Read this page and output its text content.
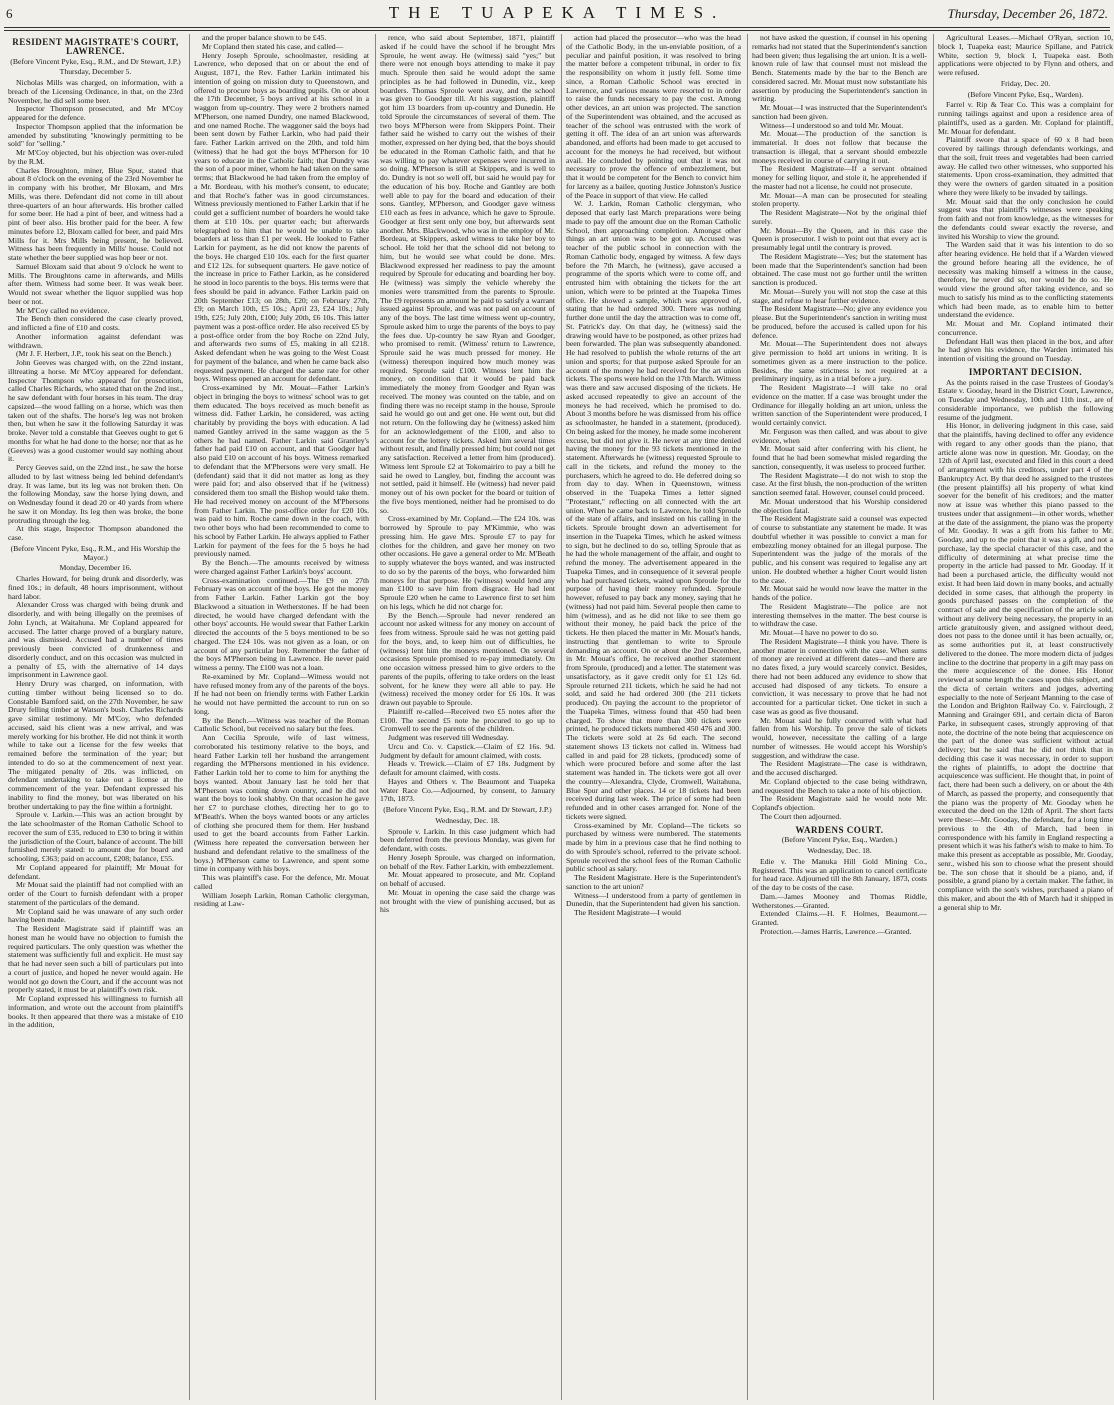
6	THE TUAPEKA TIMES.	Thursday, December 26, 1872.
RESIDENT MAGISTRATE'S COURT, LAWRENCE.

(Before Vincent Pyke, Esq., R.M., and Dr Stewart, J.P.)

Thursday, December 5.

Nicholas Mills was charged, on information, with a breach of the Licensing Ordinance, in that, on the 23rd November, he did sell some beer.

Inspector Thompson prosecuted, and Mr M'Coy appeared for the defence.

Inspector Thompson applied that the information be amended by substituting "knowingly permitting to be sold" for "selling."

Mr M'Coy objected, but his objection was over-ruled by the R.M.

Charles Broughton, miner, Blue Spur, stated that about 8 o'clock on the evening of the 23rd November he in company with his brother, Mr Bloxam, and Mrs Mills, was there. Defendant did not come in till about three-quarters of an hour afterwards. His brother called for some beer. He had a pint of beer, and witness had a pint of beer also. His brother paid for the beer. A few minutes before 12, Bloxam called for beer, and paid Mrs Mills for it. Mrs Mills being present, he believed. Witness has been frequently in Mills' house. Could not state whether the beer supplied was hop beer or not.

Samuel Bloxam said that about 9 o'clock he went to Mills. The Broughtons came in afterwards, and Mills after them. Witness had some beer. It was weak beer. Would not swear whether the liquor supplied was hop beer or not.

Mr M'Coy called no evidence.

The Bench then considered the case clearly proved, and inflicted a fine of £10 and costs.

Another information against defendant was withdrawn.

(Mr J. F. Herbert, J.P., took his seat on the Bench.)

John Geeves was charged with, on the 22nd instant, illtreating a horse. Mr M'Coy appeared for defendant. Inspector Thompson who appeared for prosecution, called Charles Richards, who stated that on the 2nd inst., he saw defendant with four horses in his team. The dray capsized—the wood falling on a horse, which was then taken out of the shafts. The horse's leg was not broken then, but when he saw it the following Saturday it was broke. Never told a constable that Geeves ought to get 6 months for what he had done to the horse; nor that as he (Geeves) was a good customer would say nothing about it.

Percy Geeves said, on the 22nd inst., he saw the horse alluded to by last witness being led behind defendant's dray. It was lame, but its leg was not broken then. On the following Monday, saw the horse lying down, and on Wednesday found it dead 20 or 40 yards from where he saw it on Monday. Its leg then was broke, the bone protruding through the leg.

At this stage, Inspector Thompson abandoned the case.

(Before Vincent Pyke, Esq., R.M., and His Worship the Mayor.)

Monday, December 16.

Charles Howard, for being drunk and disorderly, was fined 10s.; in default, 48 hours imprisonment, without hard labor.

Alexander Cross was charged with being drunk and disorderly, and with being illegally on the premises of John Lynch, at Waitahuna. Mr Copland appeared for accused. The latter charge proved of a burglary nature, and was dismissed. Accused had a number of times previously been convicted of drunkenness and disorderly conduct, and on this occasion was mulcted in a penalty of £5, with the alternative of 14 days imprisonment in Lawrence gaol.

Henry Drury was charged, on information, with cutting timber without being licensed so to do. Constable Bamford said, on the 27th November, he saw Drury felling timber at Watson's bush. Charles Richards gave similar testimony. Mr M'Coy, who defended accused, said his client was a new arrival, and was merely working for his brother. He did not think it worth while to take out a license for the few weeks that remained before the termination of the year; but intended to do so at the commencement of next year. The mitigated penalty of 20s. was inflicted, on defendant undertaking to take out a license at the commencement of the year. Defendant expressed his inability to find the money, but was liberated on his brother undertaking to pay the fine within a fortnight.

Sproule v. Larkin.—This was an action brought by the late schoolmaster of the Roman Catholic School to recover the sum of £35, reduced to £30 to bring it within the jurisdiction of the Court, balance of account. The bill furnished merely stated: to amount due for board and schooling, £363; paid on account, £208; balance, £55.

Mr Copland appeared for plaintiff; Mr Mouat for defendant.

Mr Mouat said the plaintiff had not complied with an order of the Court to furnish defendant with a proper statement of the particulars of the demand.

Mr Copland said he was unaware of any such order having been made.

The Resident Magistrate said if plaintiff was an honest man he would have no objection to furnish the required particulars. The only question was whether the statement was sufficiently full and explicit. He must say that he had never seen such a bill of particulars put into a court of justice, and hoped he never would again. He would not go down the Court, and if the account was not properly stated, it must be at plaintiff's own risk.

Mr Copland expressed his willingness to furnish all information, and wrote out the account from plaintiff's books. It then appeared that there was a mistake of £10 in the addition,

and the proper balance shown to be £45.

Mr Copland then stated his case, and called—

Henry Joseph Sproule, schoolmaster, residing at Lawrence, who deposed that on or about the end of August, 1871, the Rev. Father Larkin intimated his intention of going on mission duty to Queenstown, and offered to procure boys as boarding pupils. On or about the 17th December, 5 boys arrived at his school in a waggon from up-country. They were 2 brothers named M'Pherson, one named Dundry, one named Blackwood, and one named Roche. The waggoner said the boys had been sent down by Father Larkin, who had paid their fare. Father Larkin arrived on the 20th, and told him (witness) that he had got the boys M'Pherson for 10 years to educate in the Catholic faith; that Dundry was the son of a poor miner, whom he had taken on the same terms; that Blackwood he had taken from the employ of a Mr. Bordeau, with his mother's consent, to educate; and that Roche's father was in good circumstances. Witness previously mentioned to Father Larkin that if he could get a sufficient number of boarders he would take them at £10 10s. per quarter each; but afterwards telegraphed to him that he would be unable to take boarders at less than £1 per week. He looked to Father Larkin for payment, as he did not know the parents of the boys. He charged £10 10s. each for the first quarter and £12 12s. for subsequent quarters. He gave notice of the increase in price to Father Larkin, as he considered he stood in loco parentis to the boys. His terms were that fees should be paid in advance. Father Larkin paid on 20th September £13; on 28th, £20; on February 27th, £9; on March 10th, £5 10s.; April 23, £24 10s.; July 19th, £25; July 20th, £100; July 20th, £6 10s. This latter payment was a post-office order. He also received £5 by a post-office order from the boy Roche on 22nd July, and afterwards two sums of £5, making in all £218. Asked defendant when he was going to the West Coast for payment of the balance, and when he came back also requested payment. He charged the same rate for other boys. Witness opened an account for defendant.

Cross-examined by Mr. Mouat—Father Larkin's object in bringing the boys to witness' school was to get them educated. The boys received as much benefit as witness did. Father Larkin, he considered, was acting charitably by providing the boys with education. A lad named Gantley arrived in the same waggon as the 5 others he had named. Father Larkin said Grantley's father had paid £10 on account, and that Goodger had also paid £10 on account of his boys. Witness remarked to defendant that the M'Phersons were very small. He (defendant) said that it did not matter as long as they were paid for; and also observed that if he (witness) considered them too small the Bishop would take them. He had received money on account of the M'Phersons from Father Larkin. The post-office order for £20 10s. was paid to him. Roche came down in the coach, with two other boys who had been recommended to come to his school by Father Larkin. He always applied to Father Larkin for payment of the fees for the 5 boys he had previously named.

By the Bench.—The amounts received by witness were charged against Father Larkin's boys' account.

Cross-examination continued.—The £9 on 27th February was on account of the boys. He got the money from Father Larkin. Father Larkin got the boy Blackwood a situation in Wetherstones. If he had been directed, he would have charged defendant with the other boys' accounts. He would swear that Father Larkin directed the accounts of the 5 boys mentioned to be so charged. The £24 10s. was not given as a loan, or on account of any particular boy. Remember the father of the boys M'Pherson being in Lawrence. He never paid witness a penny. The £100 was not a loan.

Re-examined by Mr. Copland—Witness would not have refused money from any of the parents of the boys. If he had not been on friendly terms with Father Larkin he would not have permitted the account to run on so long.

By the Bench.—Witness was teacher of the Roman Catholic School, but received no salary but the fees.

Ann Cecilia Sproule, wife of last witness, corroborated his testimony relative to the boys, and heard Father Larkin tell her husband the arrangement regarding the M'Phersons mentioned in his evidence. Father Larkin told her to come to him for anything the boys wanted. About January last he told her that M'Pherson was coming down country, and he did not want the boys to look shabby. On that occasion he gave her £7 to purchase clothes, directing her to go to M'Beath's. When the boys wanted boots or any articles of clothing she procured them for them. Her husband used to get the board accounts from Father Larkin. (Witness here repeated the conversation between her husband and defendant relative to the smallness of the boys.) M'Pherson came to Lawrence, and spent some time in company with his boys.

This was plaintiff's case. For the defence, Mr. Mouat called

William Joseph Larkin, Roman Catholic clergyman, residing at Law-

rence, who said about September, 1871, plaintiff asked if he could have the school if he brought Mrs Sproule, he went away. He (witness) said "yes;" but there were not enough boys attending to make it pay much. Sproule then said he would adopt the same principles as he had followed in Dunedin, viz., keep boarders. Thomas Sproule went away, and the school was given to Goodger till. At his suggestion, plaintiff got him 13 boarders from up-country and Dunedin. He told Sproule the circumstances of several of them. The two boys M'Pherson were from Skippers Point. Their father said he wished to carry out the wishes of their mother, expressed on her dying bed, that the boys should be educated in the Roman Catholic faith, and that he was willing to pay whatever expenses were incurred in so doing. M'Pherson is still at Skippers, and is well to do. Dundry is not so well off, but said he would pay for the education of his boy. Roche and Gantley are both well able to pay for the board and education of their sons. Gantley, M'Pherson, and Goodger gave witness £10 each as fees in advance, which he gave to Sproule. Goodger at first sent only one boy, but afterwards sent another. Mrs. Blackwood, who was in the employ of Mr. Bordeau, at Skippers, asked witness to take her boy to school. He told her that the school did not belong to him, but he would see what could be done. Mrs. Blackwood expressed her readiness to pay the amount required by Sproule for educating and boarding her boy. He (witness) was simply the vehicle whereby the monies were transmitted from the parents to Sproule. The £9 represents an amount he paid to satisfy a warrant issued against Sproule, and was not paid on account of any of the boys. The last time witness went up-country, Sproule asked him to urge the parents of the boys to pay the fees due. Up-country he saw Ryan and Goodger, who promised to remit. (Witness' return to Lawrence, Sproule said he was much pressed for money. He (witness) thereupon inquired how much money was required. Sproule said £100. Witness lent him the money, on condition that it would be paid back immediately the money from Goodger and Ryan was received. The money was counted on the table, and on finding there was no receipt stamp in the house, Sproule said he would go out and get one. He went out, but did not return. On the following day he (witness) asked him for an acknowledgement of the £100, and also to account for the lottery tickets. Asked him several times without result, and finally pressed him; but could not get any satisfaction. Received a letter from him (produced). Witness lent Sproule £2 at Tokomairiro to pay a bill he said he owed to Langley, but, finding the account was not settled, paid it himself. He (witness) had never paid money out of his own pocket for the board or tuition of the five boys mentioned, neither had he promised to do so.

Cross-examined by Mr. Copland.—The £24 10s. was borrowed by Sproule to pay M'Kimmie, who was pressing him. He gave Mrs. Sproule £7 to pay for clothes for the children, and gave her money on two other occasions. He gave a general order to Mr. M'Beath to supply whatever the boys wanted, and was instructed to do so by the parents of the boys, who forwarded him moneys for that purpose. He (witness) would lend any man £100 to save him from disgrace. He had lent Sproule £20 when he came to Lawrence first to set him on his legs, which he did not charge for.

By the Bench.—Sproule had never rendered an account nor asked witness for any money on account of fees from witness. Sproule said he was not getting paid for the boys, and, to keep him out of difficulties, he (witness) lent him the moneys mentioned. On several occasions Sproule promised to re-pay immediately. On one occasion witness pressed him to give orders to the parents of the pupils, offering to take orders on the least solvent, for he knew they were all able to pay. He (witness) received the money order for £6 10s. It was drawn out payable to Sproule.

Plaintiff re-called—Received two £5 notes after the £100. The second £5 note he procured to go up to Cromwell to see the parents of the children.

Judgment was reserved till Wednesday.

Urcu and Co. v. Capstick.—Claim of £2 16s. 9d. Judgment by default for amount claimed, with costs.

Heads v. Trewick.—Claim of £7 18s. Judgment by default for amount claimed, with costs.

Hayes and Others v. The Beaumont and Tuapeka Water Race Co.—Adjourned, by consent, to January 17th, 1873.

(Before Vincent Pyke, Esq., R.M. and Dr Stewart, J.P.)

Wednesday, Dec. 18.

Sproule v. Larkin. In this case judgment which had been deferred from the previous Monday, was given for defendant, with costs.

Henry Joseph Sproule, was charged on information, on behalf of the Rev. Father Larkin, with embezzlement.

Mr. Mouat appeared to prosecute, and Mr. Copland on behalf of accused.

Mr. Mouat in opening the case said the charge was not brought with the view of punishing accused, but as his

action had placed the prosecutor—who was the head of the Catholic Body, in the un-enviable position, of a peculiar and painful position, it was resolved to bring the matter before a competent tribunal, in order to fix the responsibility on whom it justly fell. Some time since, a Roman Catholic School was erected in Lawrence, and various means were resorted to in order to raise the funds necessary to pay the cost. Among other devices, an art union was projected. The sanction of the Superintendent was obtained, and the accused as teacher of the school was entrusted with the work of getting it off. The idea of an art union was afterwards abandoned, and efforts had been made to get accused to account for the moneys he had received, but without avail. He concluded by pointing out that it was not necessary to prove the offence of embezzlement, but that it would be competent for the Bench to convict him for larceny as a bailee, quoting Justice Johnston's Justice of the Peace in support of that view. He called

W. J. Larkin, Roman Catholic clergyman, who deposed that early last March preparations were being made to pay off the amount due on the Roman Catholic School, then approaching completion. Amongst other things an art union was to be got up. Accused was teacher of the public school in connection with the Roman Catholic body, engaged by witness. A few days before the 7th March, he (witness), gave accused a programme of the sports which were to come off, and entrusted him with obtaining the tickets for the art union, which were to be printed at the Tuapeka Times office. He showed a sample, which was approved of, stating that he had ordered 300. There was nothing further done until the day the attraction was to come off, St. Patrick's day. On that day, he (witness) said the drawing would have to be postponed, as other prizes had been forwarded. The plan was subsequently abandoned. He had resolved to publish the whole returns of the art union and sports; for that purpose asked Sproule for an account of the money he had received for the art union tickets. The sports were held on the 17th March. Witness was there and saw accused disposing of the tickets. He asked accused repeatedly to give an account of the moneys he had received, which he promised to do. About 3 months before he was dismissed from his office as schoolmaster, he handed in a statement, (produced). On being asked for the money, he made some incoherent excuse, but did not give it. He never at any time denied having the money for the 93 tickets mentioned in the statement. Afterwards he (witness) requested Sproule to call in the tickets, and refund the money to the purchasers, which he agreed to do. He deferred doing so from day to day. When in Queenstown, witness observed in the Tuapeka Times a letter signed "Protestant," reflecting on all connected with the art union. When he came back to Lawrence, he told Sproule of the state of affairs, and insisted on his calling in the tickets. Sproule brought down an advertisement for insertion in the Tuapeka Times, which he asked witness to sign, but he declined to do so, telling Sproule that as he had the whole management of the affair, and ought to refund the money. The advertisement appeared in the Tuapeka Times, and in consequence of it several people who had purchased tickets, waited upon Sproule for the purpose of having their money refunded. Sproule however, refused to pay back any money, saying that he (witness) had not paid him. Several people then came to him (witness), and as he did not like to see them go without their money, he paid back the price of the tickets. He then placed the matter in Mr. Mouat's hands, instructing that gentleman to write to Sproule demanding an account. On or about the 2nd December, in Mr. Mouat's office, he received another statement from Sproule, (produced) and a letter. The statement was unsatisfactory, as it gave credit only for £1 12s 6d. Sproule returned 211 tickets, which he said he had not sold, and said he had ordered 300 (the 211 tickets produced). On paying the account to the proprietor of the Tuapeka Times, witness found that 450 had been charged. To show that more than 300 tickets were printed, he produced tickets numbered 450 476 and 300. The tickets were sold at 2s 6d each. The second statement shows 13 tickets not called in. Witness had called in and paid for 28 tickets, (produced) some of which were procured before and some after the last statement was handed in. The tickets were got all over the country—Alexandra, Clyde, Cromwell, Waitahuna, Blue Spur and other places. 14 or 18 tickets had been received during last week. The price of some had been refunded and in other cases arranged for. None of the tickets were signed.

Cross-examined by Mr. Copland—The tickets so purchased by witness were numbered. The statements made by him in a previous case that he find nothing to do with Sproule's school, referred to the private school. Sproule received the school fees of the Roman Catholic public school as salary.

The Resident Magistrate. Here is the Superintendent's sanction to the art union?

Witness—I understood from a party of gentlemen in Dunedin, that the Superintendent had given his sanction.

The Resident Magistrate—I would

not have asked the question, if counsel in his opening remarks had not stated that the Superintendent's sanction had been given; thus legalising the art union. It is a well-known rule of law that counsel must not mislead the Bench. Statements made by the bar to the Bench are considered sacred. Mr. Mouat must now substantiate his assertion by producing the Superintendent's sanction in writing.

Mr. Mouat—I was instructed that the Superintendent's sanction had been given.

Witness—I understood so and told Mr. Mouat.

Mr. Mouat—The production of the sanction is immaterial. It does not follow that because the transaction is illegal, that a servant should embezzle moneys received in course of carrying it out.

The Resident Magistrate—If a servant obtained money for selling liquor, and stole it, he apprehended if the master had not a license, he could not prosecute.

Mr. Mouat—A man can be prosecuted for stealing stolen property.

The Resident Magistrate—Not by the original thief surely.

Mr. Mouat—By the Queen, and in this case the Queen is prosecutor. I wish to point out that every act is presumably legal until the contrary is proved.

The Resident Magistrate—Yes; but the statement has been made that the Superintendent's sanction had been obtained. The case must not go further until the written sanction is produced.

Mr. Mouat—Surely you will not stop the case at this stage, and refuse to hear further evidence.

The Resident Magistrate—No; give any evidence you please. But the Superintendent's sanction in writing must be produced, before the accused is called upon for his defence.

Mr. Mouat—The Superintendent does not always give permission to hold art unions in writing. It is sometimes given as a mere instruction to the police. Besides, the same strictness is not required at a preliminary inquiry, as in a trial before a jury.

The Resident Magistrate—I will take no oral evidence on the matter. If a case was brought under the Ordinance for illegally holding an art union, unless the written sanction of the Superintendent were produced, I would certainly convict.

Mr. Ferguson was then called, and was about to give evidence, when

Mr. Mouat said after conferring with his client, he found that he had been somewhat misled regarding the sanction, consequently, it was useless to proceed further.

The Resident Magistrate—I do not wish to stop the case. At the first blush, the non-production of the written sanction seemed fatal. However, counsel could proceed.

Mr. Mouat understood that his Worship considered the objection fatal.

The Resident Magistrate said a counsel was expected of course to substantiate any statement he made. It was doubtful whether it was possible to convict a man for embezzling money obtained for an illegal purpose. The Superintendent was the judge of the morals of the public, and his consent was required to legalise any art union. He doubted whether a higher Court would listen to the case.

Mr. Mouat said he would now leave the matter in the hands of the police.

The Resident Magistrate—The police are not interesting themselves in the matter. The best course is to withdraw the case.

Mr. Mouat—I have no power to do so.

The Resident Magistrate—I think you have. There is another matter in connection with the case. When sums of money are received at different dates—and there are no dates fixed, a jury would scarcely convict. Besides, there had not been adduced any evidence to show that accused had disposed of any tickets. To ensure a conviction, it was necessary to prove that he had not accounted for a particular ticket. One ticket in such a case was as good as five thousand.

Mr. Mouat said he fully concurred with what had fallen from his Worship. To prove the sale of tickets would, however, necessitate the calling of a large number of witnesses. He would accept his Worship's suggestion, and withdraw the case.

The Resident Magistrate—The case is withdrawn, and the accused discharged.

Mr. Copland objected to the case being withdrawn, and requested the Bench to take a note of his objection.

The Resident Magistrate said he would note Mr. Copland's objection.

The Court then adjourned.

WARDENS COURT.

(Before Vincent Pyke, Esq., Warden.)

Wednesday, Dec. 18.

Edie v. The Manuka Hill Gold Mining Co., Registered. This was an application to cancel certificate for head race. Adjourned till the 8th January, 1873, costs of the day to be costs of the case.

Dam.—James Mooney and Thomas Riddle, Wetherstones.—Granted.

Extended Claims.—H. F. Holmes, Beaumont.—Granted.

Protection.—James Harris, Lawrence.—Granted.

Agricultural Leases.—Michael O'Ryan, section 10, block I, Tuapeka east; Maurice Spillane, and Patrick White, section 9, block I, Tuapeka east. Both applications were objected to by Flynn and others, and were refused.

Friday, Dec. 20.

(Before Vincent Pyke, Esq., Warden).

Farrel v. Rip & Tear Co. This was a complaint for running tailings against and upon a residence area of plaintiff's, used as a garden. Mr. Copland for plaintiff, Mr. Mouat for defendant.

Plaintiff swore that a space of 60 x 8 had been covered by tailings through defendants workings, and that the soil, fruit trees and vegetables had been carried away. He called two other witnesses, who supported his statements. Upon cross-examination, they admitted that they were the owners of garden situated in a position where they were likely to be invaded by tailings.

Mr. Mouat said that the only conclusion he could suggest was that plaintiff's witnesses were speaking from faith and not from knowledge, as the witnesses for the defendants could swear exactly the reverse, and invited his Worship to view the ground.

The Warden said that it was his intention to do so after hearing evidence. He held that if a Warden viewed the ground before hearing all the evidence, he of necessity was making himself a witness in the cause, therefore, he never did so, nor would he do so. He would view the ground after taking evidence, and so much to satisfy his mind as to the conflicting statements which had been made, as to enable him to better understand the evidence.

Mr. Mouat and Mr. Copland intimated their concurrence.

Defendant Hall was then placed in the box, and after he had given his evidence, the Warden intimated his intention of visiting the ground on Tuesday.

IMPORTANT DECISION.

As the points raised in the case Trustees of Gooday's Estate v. Gooday, heard in the District Court, Lawrence, on Tuesday and Wednesday, 10th and 11th inst., are of considerable importance, we publish the following resume of the judgment.

His Honor, in delivering judgment in this case, said that the plaintiffs, having declined to offer any evidence with regard to any other goods than the piano, that article alone was now in question. Mr. Gooday, on the 12th of April last, executed and filed in this court a deed of arrangement with his creditors, under part 4 of the Bankruptcy Act. By that deed he assigned to the trustees (the present plaintiffs) all his property of what kind soever for the benefit of his creditors; and the matter now at issue was whether this piano passed to the trustees under that assignment—in other words, whether at the date of the assignment, the piano was the property of Mr. Gooday. It was a gift from his father to Mr. Gooday, and up to the point that it was a gift, and not a purchase, lay the special character of this case, and the difficulty of determining at what precise time the property in the article had passed to Mr. Gooday. If it had been a purchased article, the difficulty would not exist. It had been laid down in many books, and actually decided in some cases, that although the property in goods purchased passes on the completion of the contract of sale and the specification of the article sold, without any delivery being necessary, the property in an article gratuitously given, and assigned without deed, does not pass to the donee until it has been actually, or, as some authorities put it, at least constructively delivered to the donee. The more modern dicta of judges incline to the doctrine that property in a gift may pass on the mere acquiescence of the donee. His Honor reviewed at some length the cases upon this subject, and the dicta of certain writers and judges, adverting especially to the note of Serjeant Manning to the case of the London and Brighton Railway Co. v. Fairclough, 2 Manning and Grainger 691, and certain dicta of Baron Parke, in subsequent cases, strongly approving of that note, the doctrine of the note being that acquiescence on the part of the donee was sufficient without actual delivery; but he said that he did not think that in deciding this case it was necessary, in order to support the rights of plaintiffs, to adopt the doctrine that acquiescence was sufficient. He thought that, in point of fact, there had been such a delivery, on or about the 4th of March, as passed the property, and consequently that the piano was the property of Mr. Gooday when he executed the deed on the 12th of April. The short facts were these:—Mr. Gooday, the defendant, for a long time previous to the 4th of March, had been in correspondence with his family in England respecting a present which it was his father's wish to make to him. To make this present as acceptable as possible, Mr. Gooday, senr., wished his son to choose what the present should be. The son chose that it should be a piano, and, if possible, a grand piano by a certain maker. The father, in compliance with the son's wishes, purchased a piano of this maker, and about the 4th of March had it shipped in a general ship to Mr.
